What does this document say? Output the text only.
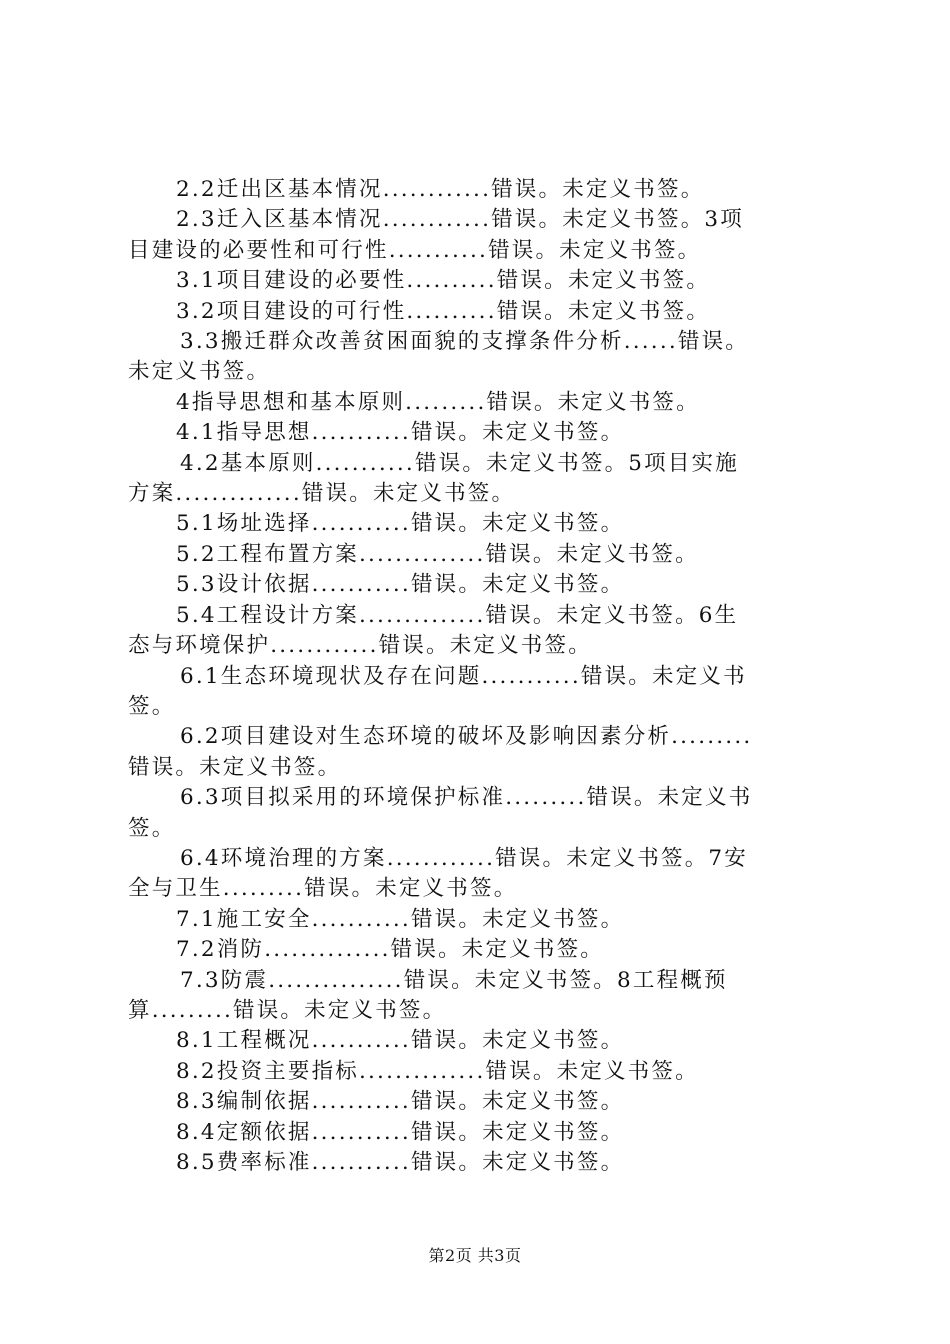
2.2迁出区基本情况............错误。未定义书签。

2.3迁入区基本情况............错误。未定义书签。3项

目建设的必要性和可行性...........错误。未定义书签。

3.1项目建设的必要性..........错误。未定义书签。

3.2项目建设的可行性..........错误。未定义书签。

3.3搬迁群众改善贫困面貌的支撑条件分析......错误。

未定义书签。

4指导思想和基本原则.........错误。未定义书签。

4.1指导思想...........错误。未定义书签。

4.2基本原则...........错误。未定义书签。5项目实施

方案..............错误。未定义书签。

5.1场址选择...........错误。未定义书签。

5.2工程布置方案..............错误。未定义书签。

5.3设计依据...........错误。未定义书签。

5.4工程设计方案..............错误。未定义书签。6生

态与环境保护............错误。未定义书签。

6.1生态环境现状及存在问题...........错误。未定义书

签。

6.2项目建设对生态环境的破坏及影响因素分析.........

错误。未定义书签。

6.3项目拟采用的环境保护标准.........错误。未定义书

签。

6.4环境治理的方案............错误。未定义书签。7安

全与卫生.........错误。未定义书签。

7.1施工安全...........错误。未定义书签。

7.2消防..............错误。未定义书签。

7.3防震...............错误。未定义书签。8工程概预

算.........错误。未定义书签。

8.1工程概况...........错误。未定义书签。

8.2投资主要指标..............错误。未定义书签。

8.3编制依据...........错误。未定义书签。

8.4定额依据...........错误。未定义书签。

8.5费率标准...........错误。未定义书签。

第2页 共3页
